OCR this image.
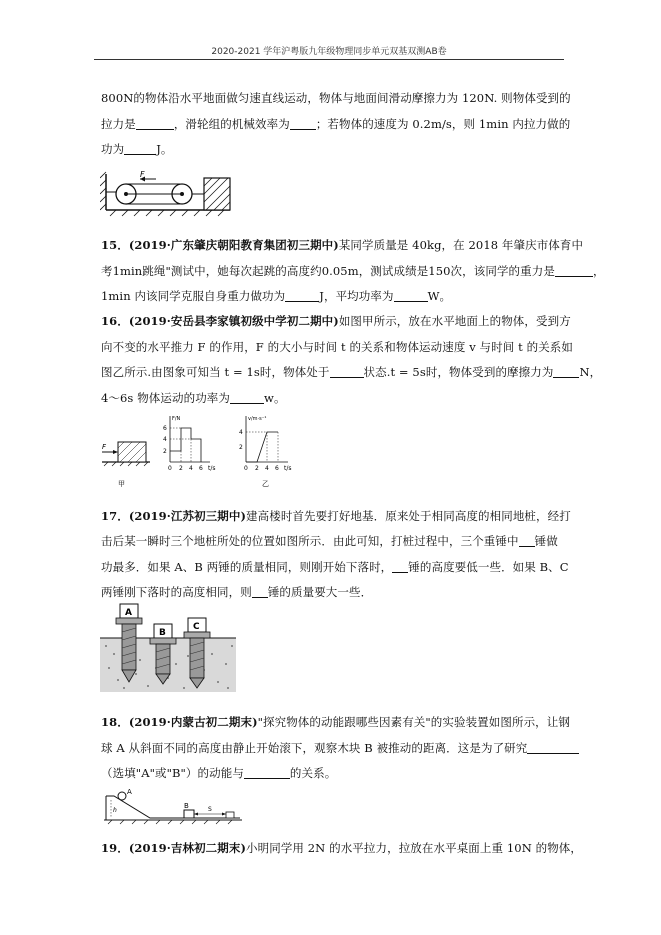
2020-2021 学年沪粤版九年级物理同步单元双基双测AB卷
800N的物体沿水平地面做匀速直线运动，物体与地面间滑动摩擦力为 120N. 则物体受到的
拉力是	，滑轮组的机械效率为 ；若物体的速度为 0.2m/s，则 1min 内拉力做的
功为	J。
F
15．(2019·广东肇庆朝阳教育集团初三期中)某同学质量是 40kg，在 2018 年肇庆市体育中
考1min跳绳"测试中，她每次起跳的高度约0.05m，测试成绩是150次，该同学的重力是	，
1min 内该同学克服自身重力做功为	J，平均功率为	W。
16．(2019·安岳县李家镇初级中学初二期中)如图甲所示，放在水平地面上的物体，受到方
向不变的水平推力 F 的作用，F 的大小与时间 t 的关系和物体运动速度 v 与时间 t 的关系如
图乙所示.由图象可知当 t = 1s时，物体处于	状态.t = 5s时，物体受到的摩擦力为 N，
4～6s 物体运动的功率为	w。
F
甲
F/N
t/s
6
4
2
0 2 4 6
v/m·s⁻¹
t/s
4
2
0 2 4 6
乙
17．(2019·江苏初三期中)建高楼时首先要打好地基．原来处于相同高度的相同地桩，经打
击后某一瞬时三个地桩所处的位置如图所示．由此可知，打桩过程中，三个重锤中 锤做
功最多．如果 A、B 两锤的质量相同，则刚开始下落时， 锤的高度要低一些．如果 B、C
两锤刚下落时的高度相同，则 锤的质量要大一些．
A
B
C
18．(2019·内蒙古初二期末)"探究物体的动能跟哪些因素有关"的实验装置如图所示，让钢
球 A 从斜面不同的高度由静止开始滚下，观察木块 B 被推动的距离．这是为了研究
（选填"A"或"B"）的动能与	的关系。
A
h
B	S
19．(2019·吉林初二期末)小明同学用 2N 的水平拉力，拉放在水平桌面上重 10N 的物体，
